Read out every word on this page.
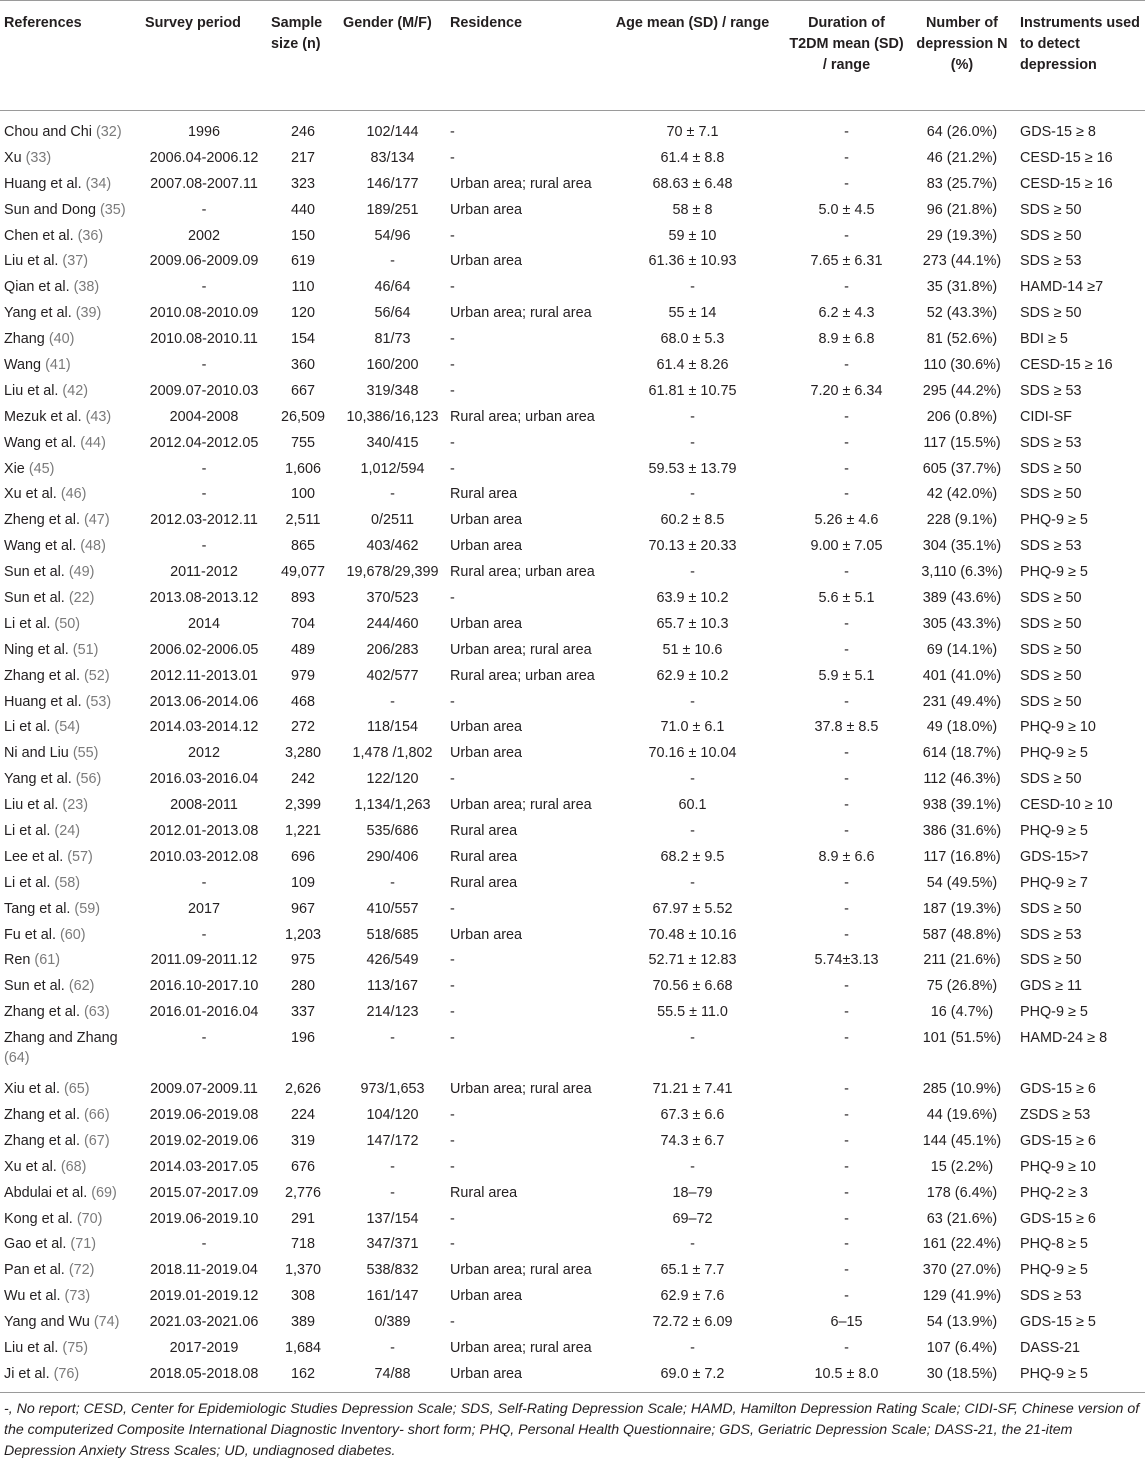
References	Survey period	Sample size (n)	Gender (M/F)	Residence	Age mean (SD) / range	Duration of T2DM mean (SD) / range	Number of depression N (%)	Instruments used to detect depression
Chou and Chi (32)	1996	246	102/144	-	70 ± 7.1	-	64 (26.0%)	GDS-15 ≥ 8
Xu (33)	2006.04-2006.12	217	83/134	-	61.4 ± 8.8	-	46 (21.2%)	CESD-15 ≥ 16
Huang et al. (34)	2007.08-2007.11	323	146/177	Urban area; rural area	68.63 ± 6.48	-	83 (25.7%)	CESD-15 ≥ 16
Sun and Dong (35)	-	440	189/251	Urban area	58 ± 8	5.0 ± 4.5	96 (21.8%)	SDS ≥ 50
Chen et al. (36)	2002	150	54/96	-	59 ± 10	-	29 (19.3%)	SDS ≥ 50
Liu et al. (37)	2009.06-2009.09	619	-	Urban area	61.36 ± 10.93	7.65 ± 6.31	273 (44.1%)	SDS ≥ 53
Qian et al. (38)	-	110	46/64	-	-	-	35 (31.8%)	HAMD-14 ≥7
Yang et al. (39)	2010.08-2010.09	120	56/64	Urban area; rural area	55 ± 14	6.2 ± 4.3	52 (43.3%)	SDS ≥ 50
Zhang (40)	2010.08-2010.11	154	81/73	-	68.0 ± 5.3	8.9 ± 6.8	81 (52.6%)	BDI ≥ 5
Wang (41)	-	360	160/200	-	61.4 ± 8.26	-	110 (30.6%)	CESD-15 ≥ 16
Liu et al. (42)	2009.07-2010.03	667	319/348	-	61.81 ± 10.75	7.20 ± 6.34	295 (44.2%)	SDS ≥ 53
Mezuk et al. (43)	2004-2008	26,509	10,386/16,123	Rural area; urban area	-	-	206 (0.8%)	CIDI-SF
Wang et al. (44)	2012.04-2012.05	755	340/415	-	-	-	117 (15.5%)	SDS ≥ 53
Xie (45)	-	1,606	1,012/594	-	59.53 ± 13.79	-	605 (37.7%)	SDS ≥ 50
Xu et al. (46)	-	100	-	Rural area	-	-	42 (42.0%)	SDS ≥ 50
Zheng et al. (47)	2012.03-2012.11	2,511	0/2511	Urban area	60.2 ± 8.5	5.26 ± 4.6	228 (9.1%)	PHQ-9 ≥ 5
Wang et al. (48)	-	865	403/462	Urban area	70.13 ± 20.33	9.00 ± 7.05	304 (35.1%)	SDS ≥ 53
Sun et al. (49)	2011-2012	49,077	19,678/29,399	Rural area; urban area	-	-	3,110 (6.3%)	PHQ-9 ≥ 5
Sun et al. (22)	2013.08-2013.12	893	370/523	-	63.9 ± 10.2	5.6 ± 5.1	389 (43.6%)	SDS ≥ 50
Li et al. (50)	2014	704	244/460	Urban area	65.7 ± 10.3	-	305 (43.3%)	SDS ≥ 50
Ning et al. (51)	2006.02-2006.05	489	206/283	Urban area; rural area	51 ± 10.6	-	69 (14.1%)	SDS ≥ 50
Zhang et al. (52)	2012.11-2013.01	979	402/577	Rural area; urban area	62.9 ± 10.2	5.9 ± 5.1	401 (41.0%)	SDS ≥ 50
Huang et al. (53)	2013.06-2014.06	468	-	-	-	-	231 (49.4%)	SDS ≥ 50
Li et al. (54)	2014.03-2014.12	272	118/154	Urban area	71.0 ± 6.1	37.8 ± 8.5	49 (18.0%)	PHQ-9 ≥ 10
Ni and Liu (55)	2012	3,280	1,478 /1,802	Urban area	70.16 ± 10.04	-	614 (18.7%)	PHQ-9 ≥ 5
Yang et al. (56)	2016.03-2016.04	242	122/120	-	-	-	112 (46.3%)	SDS ≥ 50
Liu et al. (23)	2008-2011	2,399	1,134/1,263	Urban area; rural area	60.1	-	938 (39.1%)	CESD-10 ≥ 10
Li et al. (24)	2012.01-2013.08	1,221	535/686	Rural area	-	-	386 (31.6%)	PHQ-9 ≥ 5
Lee et al. (57)	2010.03-2012.08	696	290/406	Rural area	68.2 ± 9.5	8.9 ± 6.6	117 (16.8%)	GDS-15>7
Li et al. (58)	-	109	-	Rural area	-	-	54 (49.5%)	PHQ-9 ≥ 7
Tang et al. (59)	2017	967	410/557	-	67.97 ± 5.52	-	187 (19.3%)	SDS ≥ 50
Fu et al. (60)	-	1,203	518/685	Urban area	70.48 ± 10.16	-	587 (48.8%)	SDS ≥ 53
Ren (61)	2011.09-2011.12	975	426/549	-	52.71 ± 12.83	5.74±3.13	211 (21.6%)	SDS ≥ 50
Sun et al. (62)	2016.10-2017.10	280	113/167	-	70.56 ± 6.68	-	75 (26.8%)	GDS ≥ 11
Zhang et al. (63)	2016.01-2016.04	337	214/123	-	55.5 ± 11.0	-	16 (4.7%)	PHQ-9 ≥ 5
Zhang and Zhang (64)	-	196	-	-	-	-	101 (51.5%)	HAMD-24 ≥ 8
Xiu et al. (65)	2009.07-2009.11	2,626	973/1,653	Urban area; rural area	71.21 ± 7.41	-	285 (10.9%)	GDS-15 ≥ 6
Zhang et al. (66)	2019.06-2019.08	224	104/120	-	67.3 ± 6.6	-	44 (19.6%)	ZSDS ≥ 53
Zhang et al. (67)	2019.02-2019.06	319	147/172	-	74.3 ± 6.7	-	144 (45.1%)	GDS-15 ≥ 6
Xu et al. (68)	2014.03-2017.05	676	-	-	-	-	15 (2.2%)	PHQ-9 ≥ 10
Abdulai et al. (69)	2015.07-2017.09	2,776	-	Rural area	18–79	-	178 (6.4%)	PHQ-2 ≥ 3
Kong et al. (70)	2019.06-2019.10	291	137/154	-	69–72	-	63 (21.6%)	GDS-15 ≥ 6
Gao et al. (71)	-	718	347/371	-	-	-	161 (22.4%)	PHQ-8 ≥ 5
Pan et al. (72)	2018.11-2019.04	1,370	538/832	Urban area; rural area	65.1 ± 7.7	-	370 (27.0%)	PHQ-9 ≥ 5
Wu et al. (73)	2019.01-2019.12	308	161/147	Urban area	62.9 ± 7.6	-	129 (41.9%)	SDS ≥ 53
Yang and Wu (74)	2021.03-2021.06	389	0/389	-	72.72 ± 6.09	6–15	54 (13.9%)	GDS-15 ≥ 5
Liu et al. (75)	2017-2019	1,684	-	Urban area; rural area	-	-	107 (6.4%)	DASS-21
Ji et al. (76)	2018.05-2018.08	162	74/88	Urban area	69.0 ± 7.2	10.5 ± 8.0	30 (18.5%)	PHQ-9 ≥ 5
-, No report; CESD, Center for Epidemiologic Studies Depression Scale; SDS, Self-Rating Depression Scale; HAMD, Hamilton Depression Rating Scale; CIDI-SF, Chinese version of the computerized Composite International Diagnostic Inventory- short form; PHQ, Personal Health Questionnaire; GDS, Geriatric Depression Scale; DASS-21, the 21-item Depression Anxiety Stress Scales; UD, undiagnosed diabetes.
